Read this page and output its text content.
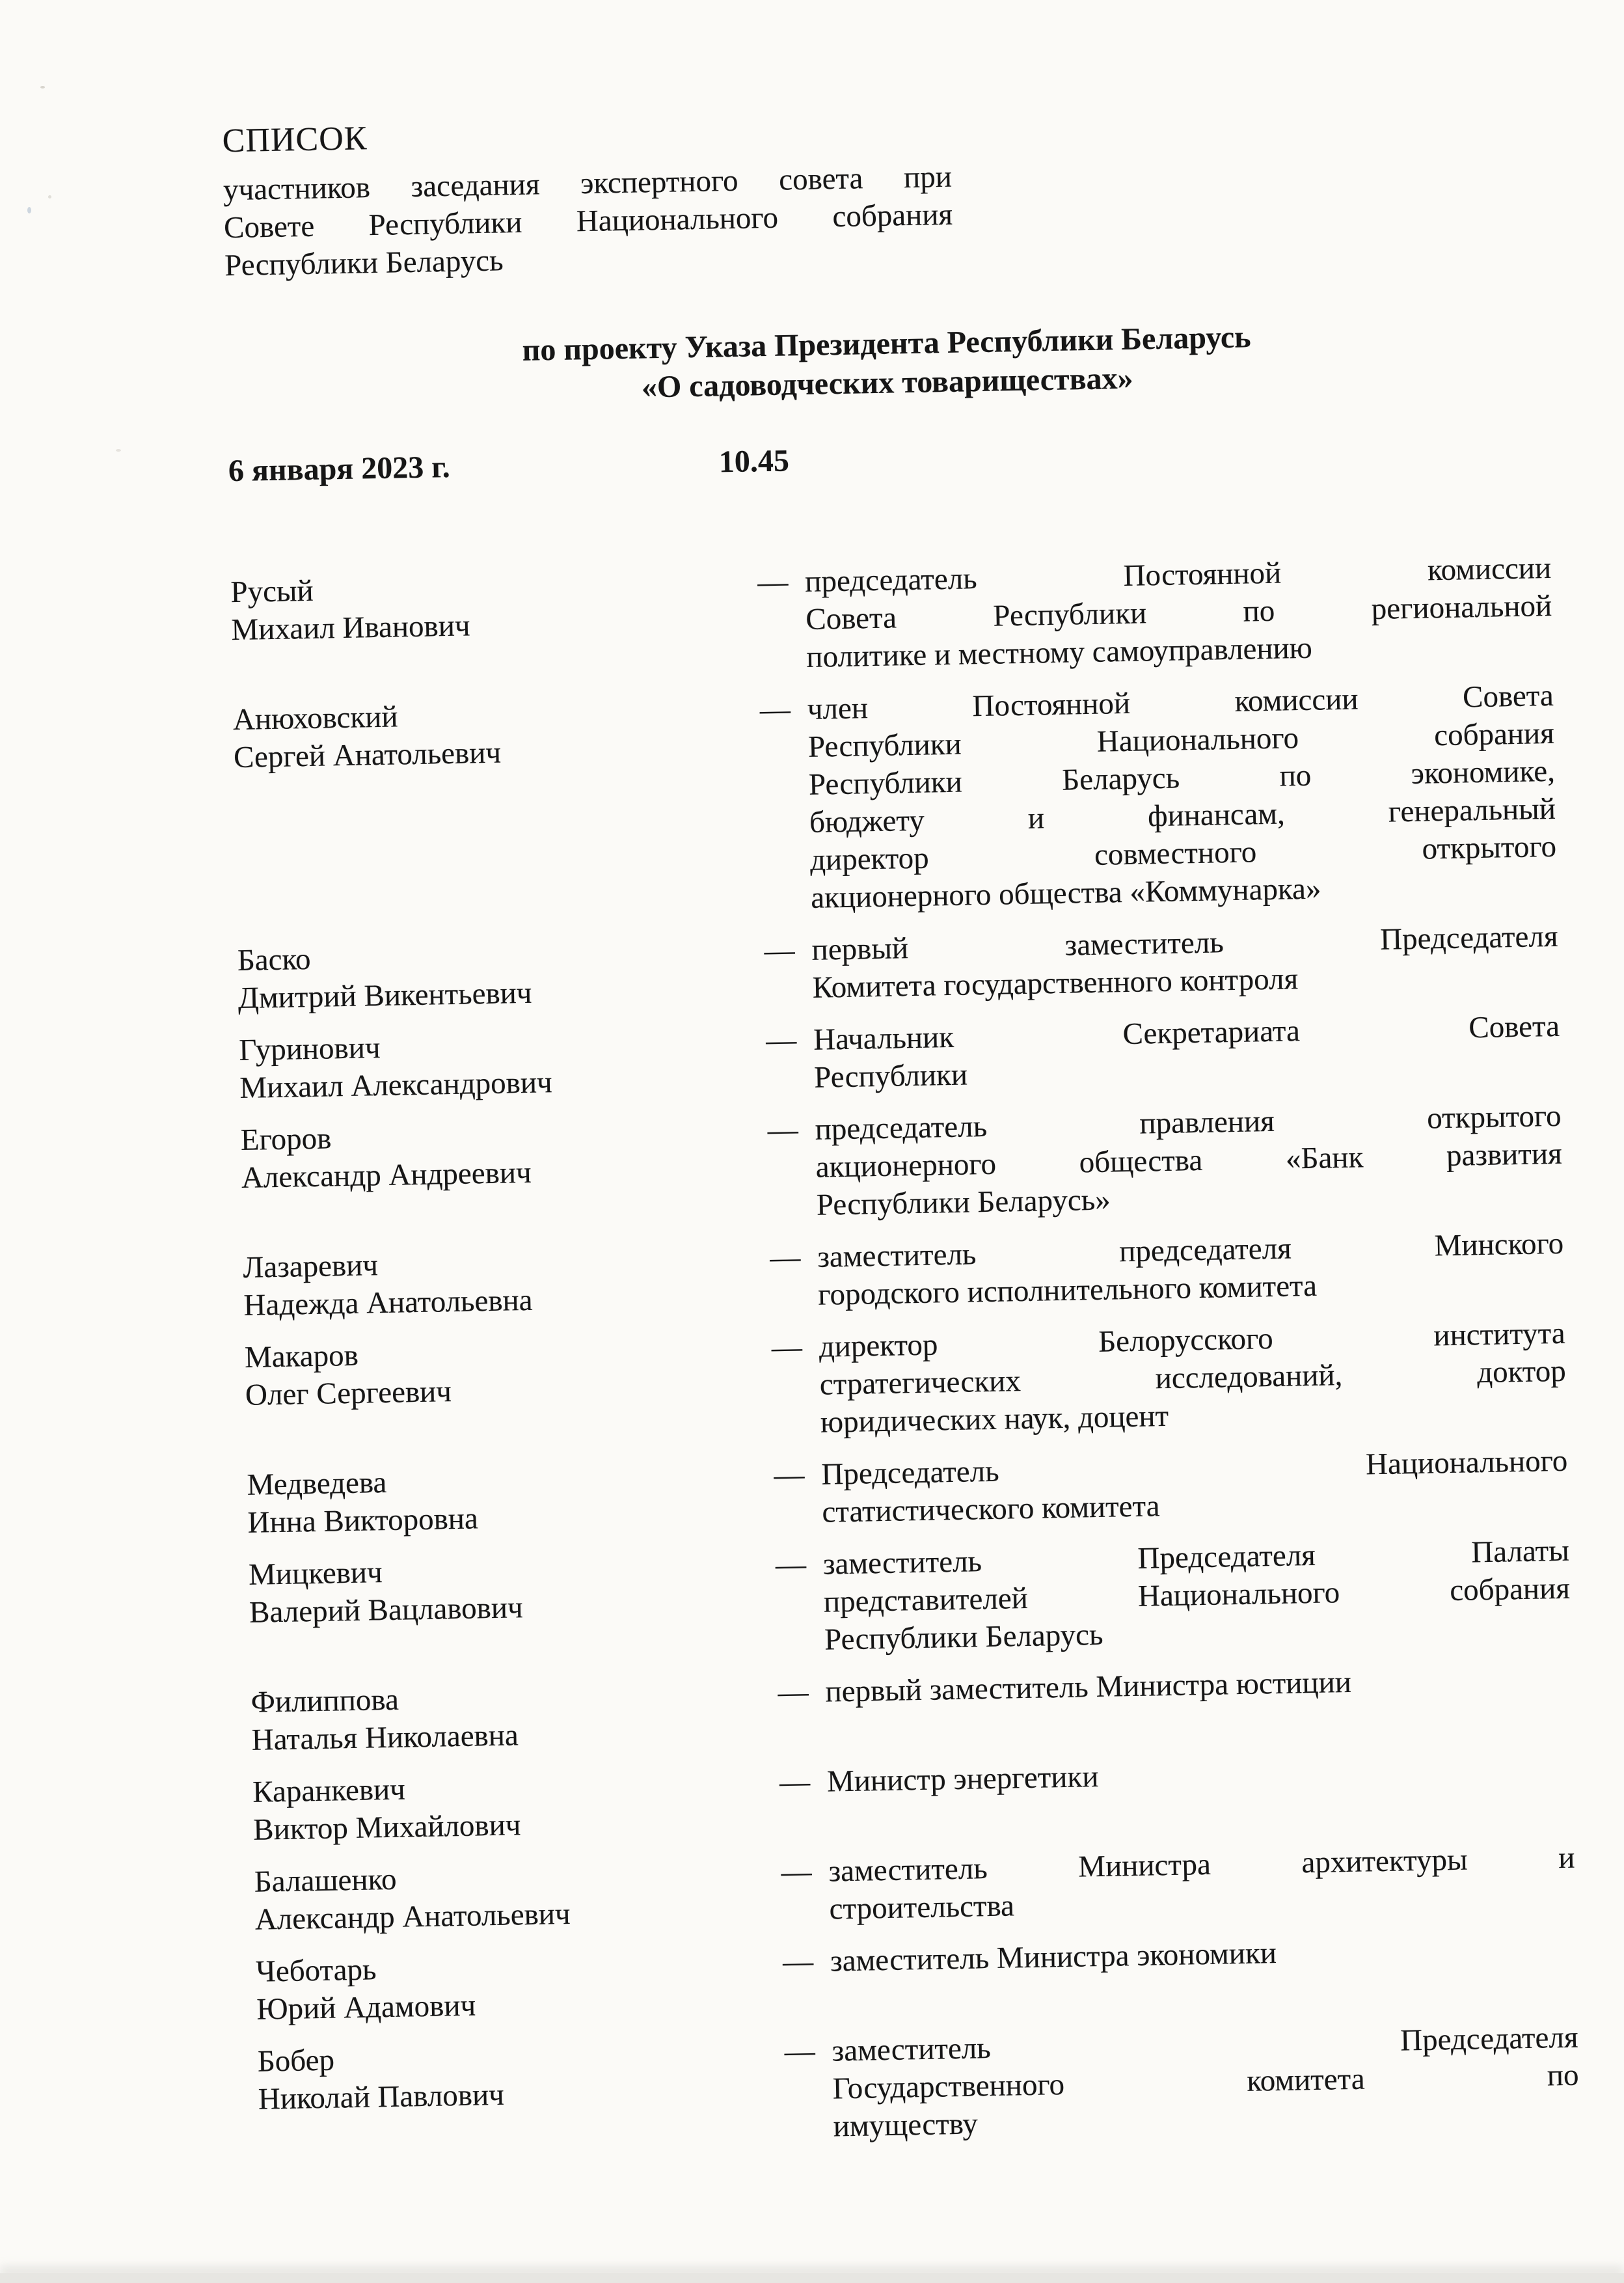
СПИСОК
участников заседания экспертного совета при
Совете Республики Национального собрания
Республики Беларусь
по проекту Указа Президента Республики Беларусь
«О садоводческих товариществах»
6 января 2023 г.	10.45
Русый
Михаил Иванович
— председатель Постоянной комиссии
Совета Республики по региональной
политике и местному самоуправлению
Анюховский
Сергей Анатольевич
— член Постоянной комиссии Совета
Республики Национального собрания
Республики Беларусь по экономике,
бюджету и финансам, генеральный
директор совместного открытого
акционерного общества «Коммунарка»
Баско
Дмитрий Викентьевич
— первый заместитель Председателя
Комитета государственного контроля
Гуринович
Михаил Александрович
— Начальник Секретариата Совета
Республики
Егоров
Александр Андреевич
— председатель правления открытого
акционерного общества «Банк развития
Республики Беларусь»
Лазаревич
Надежда Анатольевна
— заместитель председателя Минского
городского исполнительного комитета
Макаров
Олег Сергеевич
— директор Белорусского института
стратегических исследований, доктор
юридических наук, доцент
Медведева
Инна Викторовна
— Председатель Национального
статистического комитета
Мицкевич
Валерий Вацлавович
— заместитель Председателя Палаты
представителей Национального собрания
Республики Беларусь
Филиппова
Наталья Николаевна
— первый заместитель Министра юстиции
Каранкевич
Виктор Михайлович
— Министр энергетики
Балашенко
Александр Анатольевич
— заместитель Министра архитектуры и
строительства
Чеботарь
Юрий Адамович
— заместитель Министра экономики
Бобер
Николай Павлович
— заместитель Председателя
Государственного комитета по
имуществу
